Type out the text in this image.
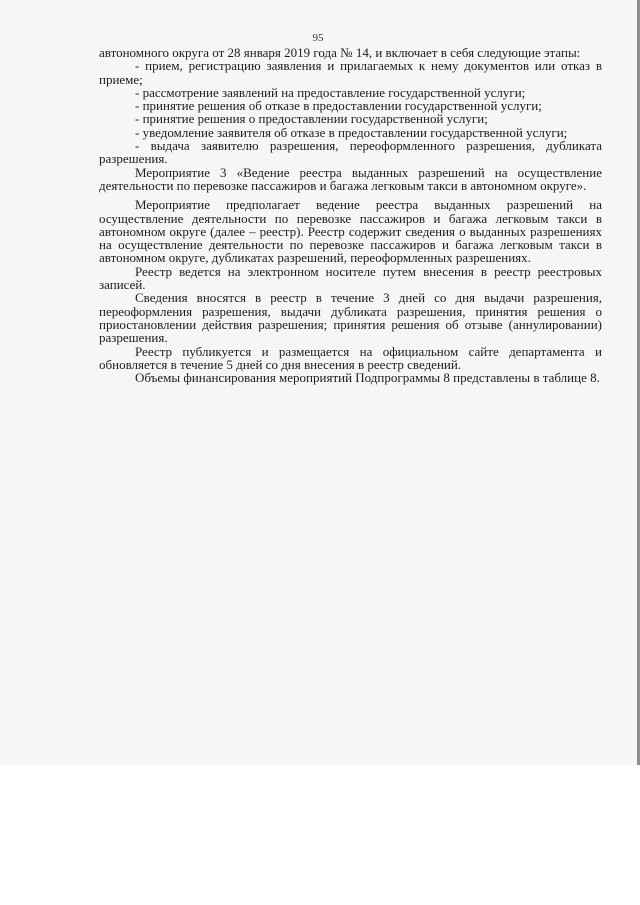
95

автономного округа от 28 января 2019 года № 14, и включает в себя следующие этапы:

- прием, регистрацию заявления и прилагаемых к нему документов или отказ в приеме;

- рассмотрение заявлений на предоставление государственной услуги;

- принятие решения об отказе в предоставлении государственной услуги;

- принятие решения о предоставлении государственной услуги;

- уведомление заявителя об отказе в предоставлении государственной услуги;

- выдача заявителю разрешения, переоформленного разрешения, дубликата разрешения.

Мероприятие 3 «Ведение реестра выданных разрешений на осуществление деятельности по перевозке пассажиров и багажа легковым такси в автономном округе».

Мероприятие предполагает ведение реестра выданных разрешений на осуществление деятельности по перевозке пассажиров и багажа легковым такси в автономном округе (далее – реестр). Реестр содержит сведения о выданных разрешениях на осуществление деятельности по перевозке пассажиров и багажа легковым такси в автономном округе, дубликатах разрешений, переоформленных разрешениях.

Реестр ведется на электронном носителе путем внесения в реестр реестровых записей.

Сведения вносятся в реестр в течение 3 дней со дня выдачи разрешения, переоформления разрешения, выдачи дубликата разрешения, принятия решения о приостановлении действия разрешения; принятия решения об отзыве (аннулировании) разрешения.

Реестр публикуется и размещается на официальном сайте департамента и обновляется в течение 5 дней со дня внесения в реестр сведений.

Объемы финансирования мероприятий Подпрограммы 8 представлены в таблице 8.
